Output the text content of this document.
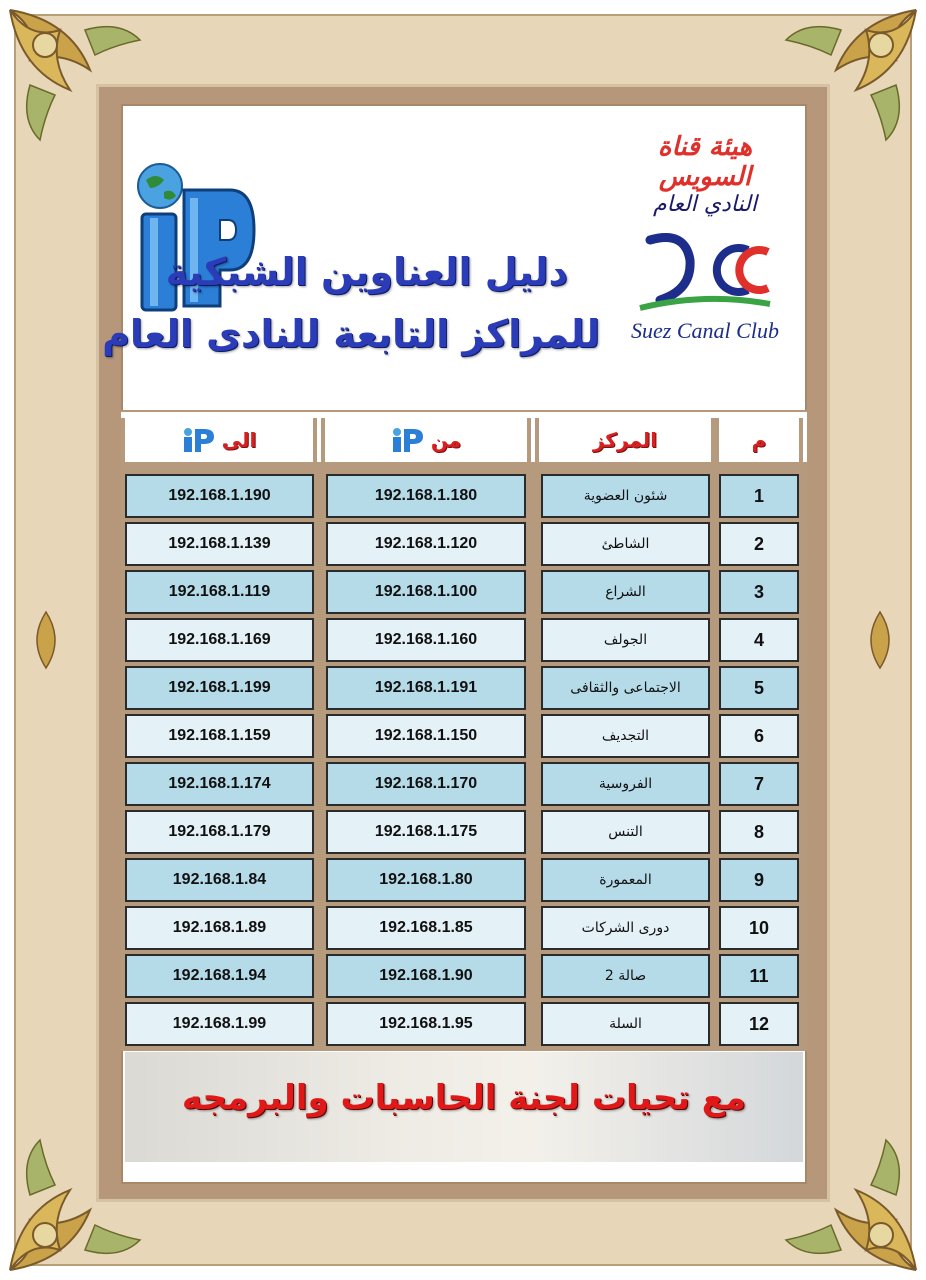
هيئة قناة السويس
النادي العام
Suez Canal Club
دليل العناوين الشبكية
للمراكز التابعة للنادى العام
الى	من	المركز	م
192.168.1.190	192.168.1.180	شئون العضوية	1
192.168.1.139	192.168.1.120	الشاطئ	2
192.168.1.119	192.168.1.100	الشراع	3
192.168.1.169	192.168.1.160	الجولف	4
192.168.1.199	192.168.1.191	الاجتماعى والثقافى	5
192.168.1.159	192.168.1.150	التجديف	6
192.168.1.174	192.168.1.170	الفروسية	7
192.168.1.179	192.168.1.175	التنس	8
192.168.1.84	192.168.1.80	المعمورة	9
192.168.1.89	192.168.1.85	دورى الشركات	10
192.168.1.94	192.168.1.90	صالة 2	11
192.168.1.99	192.168.1.95	السلة	12
مع تحيات لجنة الحاسبات والبرمجه
